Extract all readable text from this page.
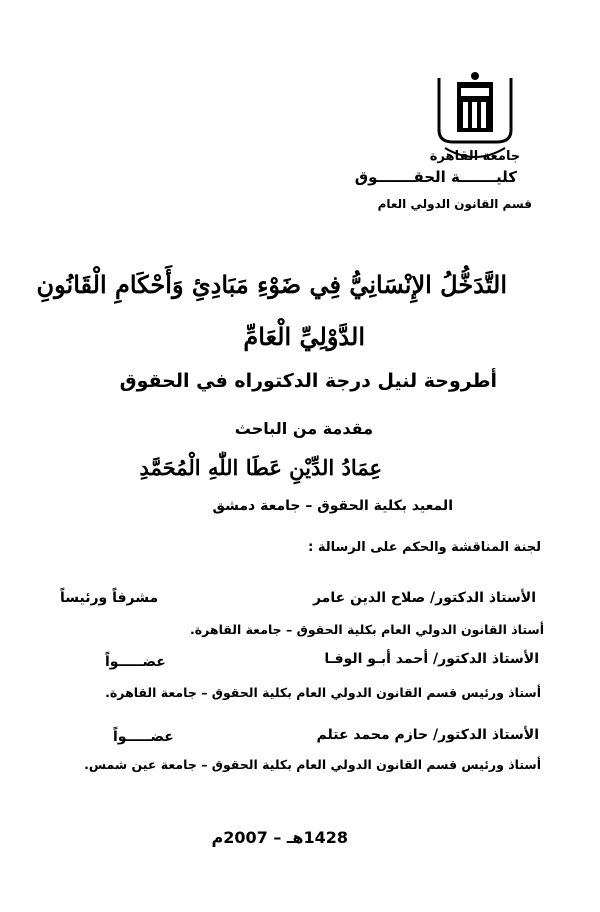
جامعة القاهرة
كليـــــــة الحقـــــــوق
قسم القانون الدولي العام
التَّدَخُّلُ الإِنْسَانِيُّ فِي ضَوْءِ مَبَادِئِ وَأَحْكَامِ الْقَانُونِ
الدَّوْلِيِّ الْعَامِّ
أطروحة لنيل درجة الدكتوراه في الحقوق
مقدمة من الباحث
عِمَادُ الدِّيْنِ عَطَا اللّٰهِ الْمُحَمَّدِ
المعيد بكلية الحقوق – جامعة دمشق
لجنة المناقشة والحكم على الرسالة :
الأستاذ الدكتور/ صلاح الدين عامر
مشرفاً ورئيساً
أستاذ القانون الدولي العام بكلية الحقوق – جامعة القاهرة.
الأستاذ الدكتور/ أحمد أبـو الوفـا
عضـــــواً
أستاذ ورئيس قسم القانون الدولي العام بكلية الحقوق – جامعة القاهرة.
الأستاذ الدكتور/ حازم محمد عتلم
عضـــــواً
أستاذ ورئيس قسم القانون الدولي العام بكلية الحقوق – جامعة عين شمس.
1428هـ – 2007م
